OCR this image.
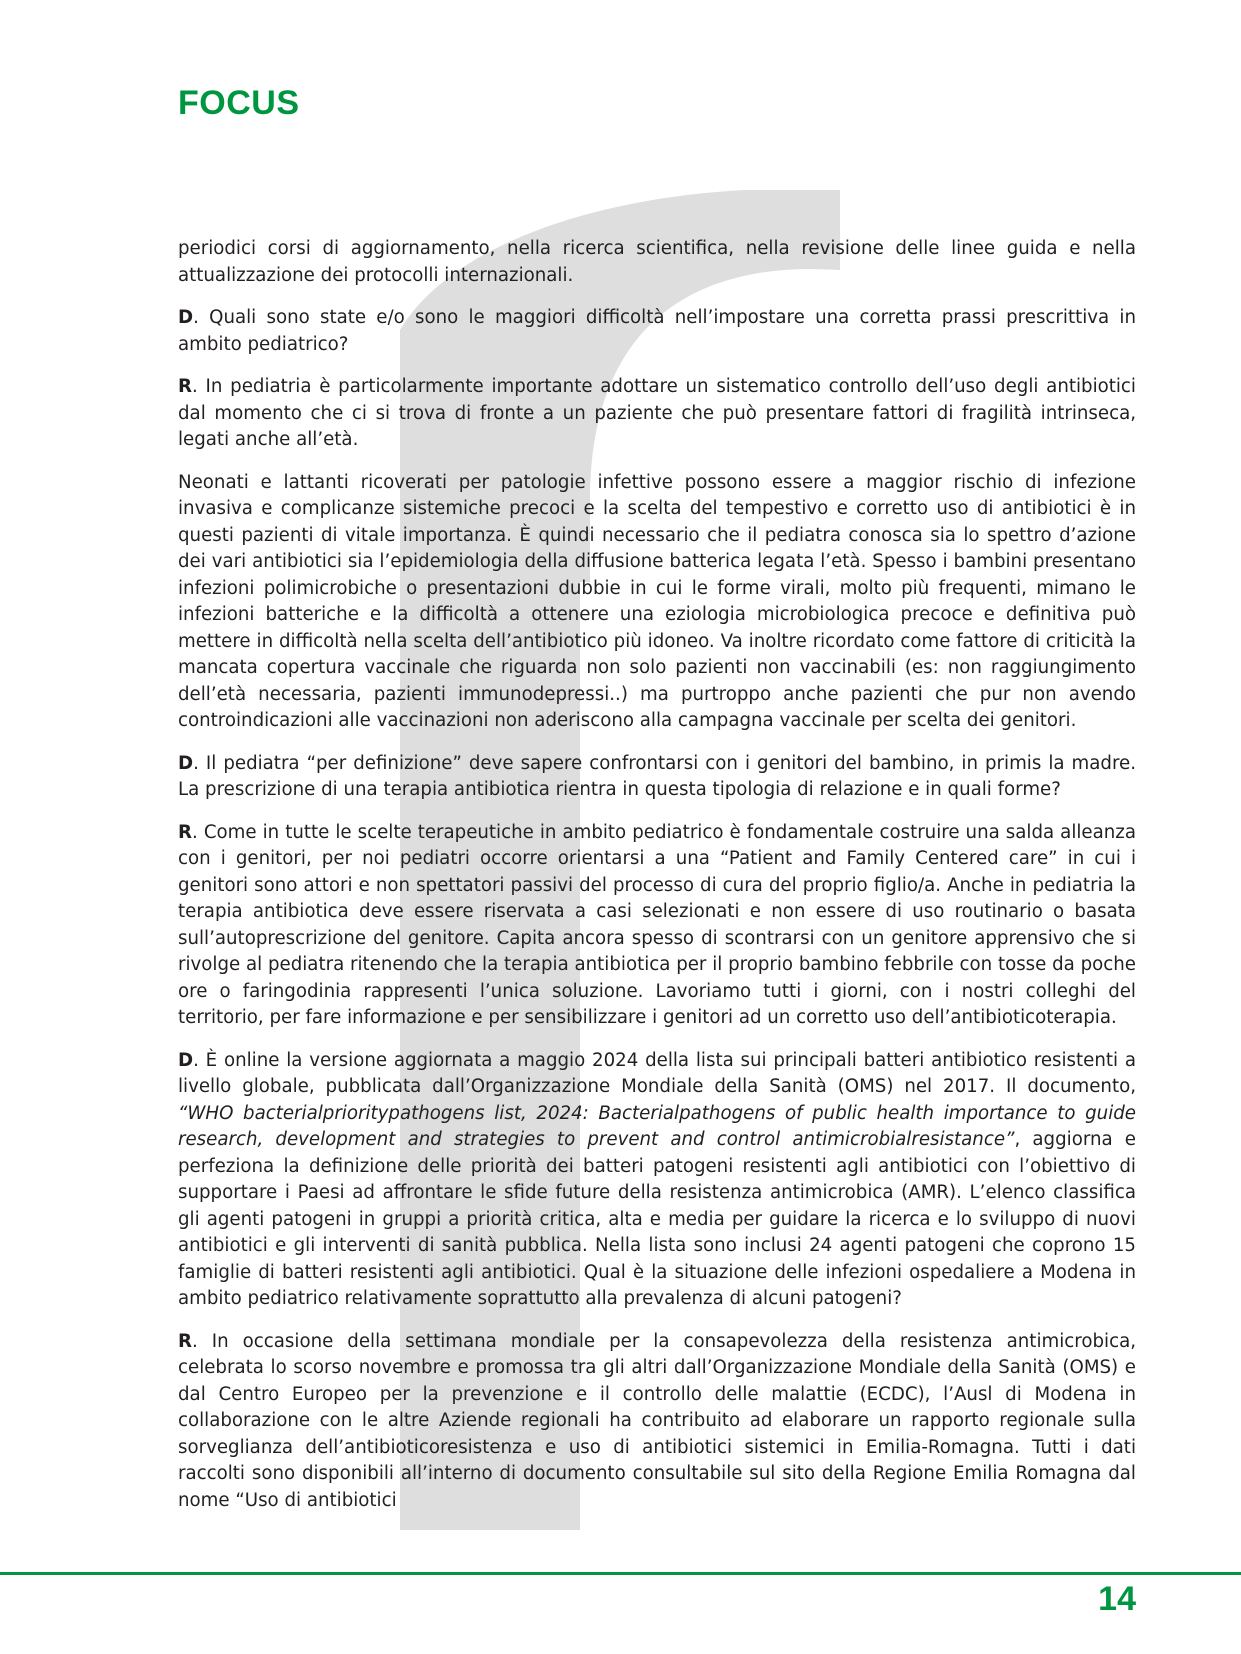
FOCUS

periodici corsi di aggiornamento, nella ricerca scientifica, nella revisione delle linee guida e nella attualizzazione dei protocolli internazionali.

D. Quali sono state e/o sono le maggiori difficoltà nell’impostare una corretta prassi prescrittiva in ambito pediatrico?

R. In pediatria è particolarmente importante adottare un sistematico controllo dell’uso degli antibiotici dal momento che ci si trova di fronte a un paziente che può presentare fattori di fragilità intrinseca, legati anche all’età.

Neonati e lattanti ricoverati per patologie infettive possono essere a maggior rischio di infezione invasiva e complicanze sistemiche precoci e la scelta del tempestivo e corretto uso di antibiotici è in questi pazienti di vitale importanza. È quindi necessario che il pediatra conosca sia lo spettro d’azione dei vari antibiotici sia l’epidemiologia della diffusione batterica legata l’età. Spesso i bambini presentano infezioni polimicrobiche o presentazioni dubbie in cui le forme virali, molto più frequenti, mimano le infezioni batteriche e la difficoltà a ottenere una eziologia microbiologica precoce e definitiva può mettere in difficoltà nella scelta dell’antibiotico più idoneo. Va inoltre ricordato come fattore di criticità la mancata copertura vaccinale che riguarda non solo pazienti non vaccinabili (es: non raggiungimento dell’età necessaria, pazienti immunodepressi..) ma purtroppo anche pazienti che pur non avendo controindicazioni alle vaccinazioni non aderiscono alla campagna vaccinale per scelta dei genitori.

D. Il pediatra “per definizione” deve sapere confrontarsi con i genitori del bambino, in primis la madre. La prescrizione di una terapia antibiotica rientra in questa tipologia di relazione e in quali forme?

R. Come in tutte le scelte terapeutiche in ambito pediatrico è fondamentale costruire una salda alleanza con i genitori, per noi pediatri occorre orientarsi a una “Patient and Family Centered care” in cui i genitori sono attori e non spettatori passivi del processo di cura del proprio figlio/a. Anche in pediatria la terapia antibiotica deve essere riservata a casi selezionati e non essere di uso routinario o basata sull’autoprescrizione del genitore. Capita ancora spesso di scontrarsi con un genitore apprensivo che si rivolge al pediatra ritenendo che la terapia antibiotica per il proprio bambino febbrile con tosse da poche ore o faringodinia rappresenti l’unica soluzione. Lavoriamo tutti i giorni, con i nostri colleghi del territorio, per fare informazione e per sensibilizzare i genitori ad un corretto uso dell’antibioticoterapia.

D. È online la versione aggiornata a maggio 2024 della lista sui principali batteri antibiotico resistenti a livello globale, pubblicata dall’Organizzazione Mondiale della Sanità (OMS) nel 2017. Il documento, “WHO bacterialprioritypathogens list, 2024: Bacterialpathogens of public health importance to guide research, development and strategies to prevent and control antimicrobialresistance”, aggiorna e perfeziona la definizione delle priorità dei batteri patogeni resistenti agli antibiotici con l’obiettivo di supportare i Paesi ad affrontare le sfide future della resistenza antimicrobica (AMR). L’elenco classifica gli agenti patogeni in gruppi a priorità critica, alta e media per guidare la ricerca e lo sviluppo di nuovi antibiotici e gli interventi di sanità pubblica. Nella lista sono inclusi 24 agenti patogeni che coprono 15 famiglie di batteri resistenti agli antibiotici. Qual è la situazione delle infezioni ospedaliere a Modena in ambito pediatrico relativamente soprattutto alla prevalenza di alcuni patogeni?

R. In occasione della settimana mondiale per la consapevolezza della resistenza antimicrobica, celebrata lo scorso novembre e promossa tra gli altri dall’Organizzazione Mondiale della Sanità (OMS) e dal Centro Europeo per la prevenzione e il controllo delle malattie (ECDC), l’Ausl di Modena in collaborazione con le altre Aziende regionali ha contribuito ad elaborare un rapporto regionale sulla sorveglianza dell’antibioticoresistenza e uso di antibiotici sistemici in Emilia-Romagna. Tutti i dati raccolti sono disponibili all’interno di documento consultabile sul sito della Regione Emilia Romagna dal nome “Uso di antibiotici

14
